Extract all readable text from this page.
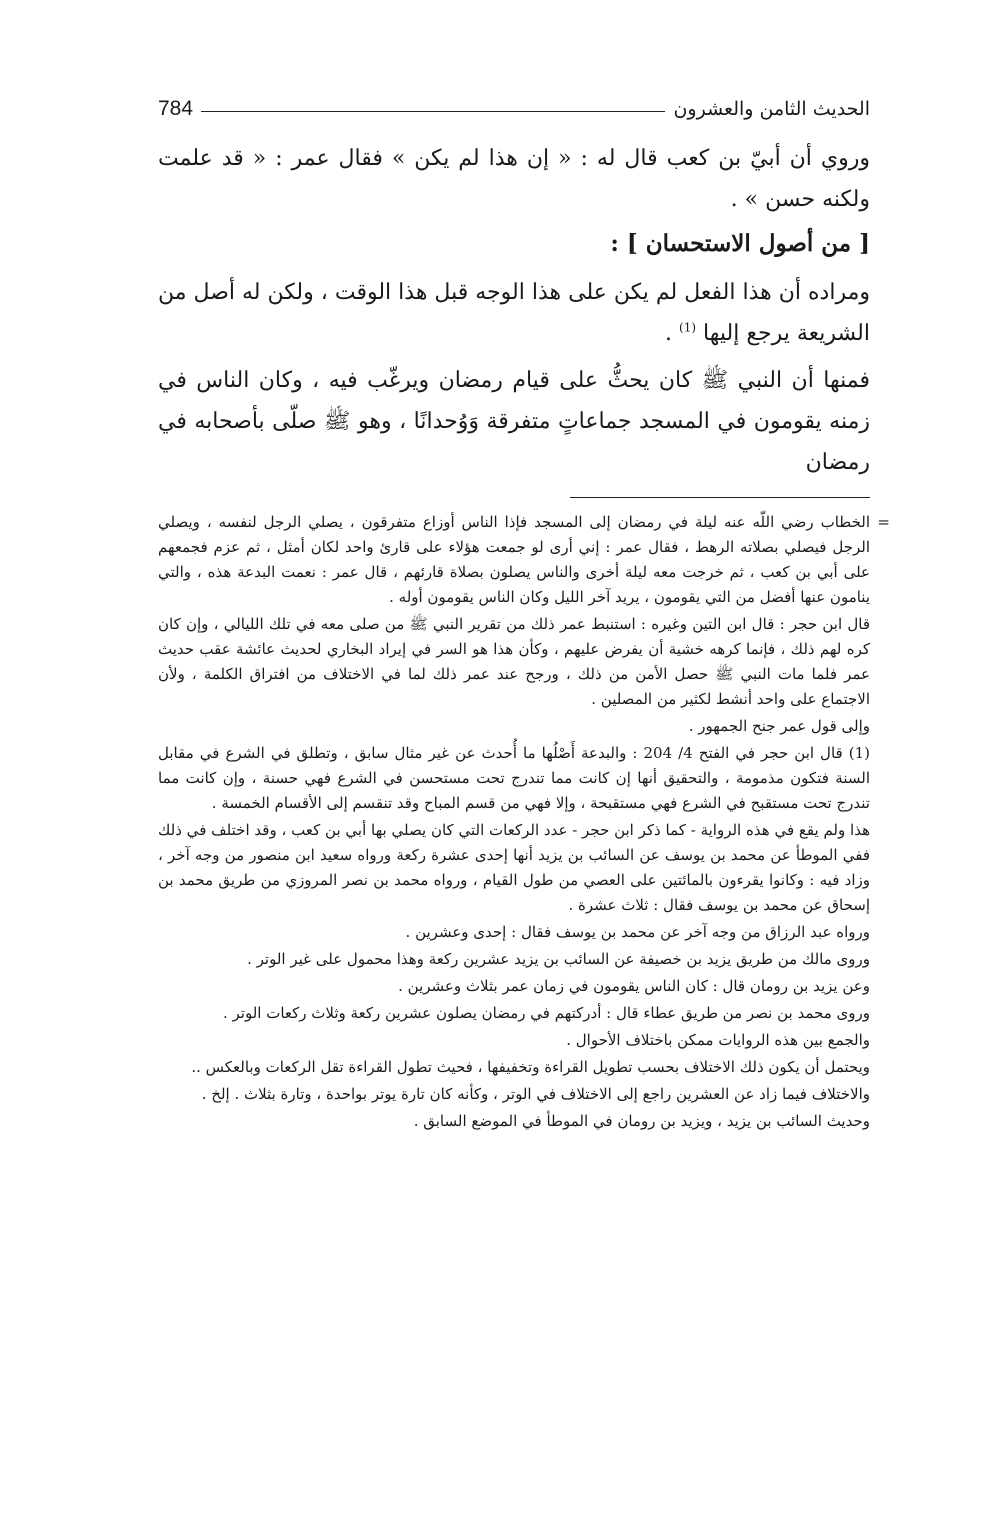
الحديث الثامن والعشرون
784

وروي أن أبيّ بن كعب قال له : « إن هذا لم يكن » فقال عمر : « قد علمت ولكنه حسن » .

[ من أصول الاستحسان ] :

ومراده أن هذا الفعل لم يكن على هذا الوجه قبل هذا الوقت ، ولكن له أصل من الشريعة يرجع إليها $^{(1)}$ .

فمنها أن النبي ﷺ كان يحثُّ على قيام رمضان ويرغّب فيه ، وكان الناس في زمنه يقومون في المسجد جماعاتٍ متفرقة وَوُحدانًا ، وهو ﷺ صلّى بأصحابه في رمضان

=

الخطاب رضي اللّه عنه ليلة في رمضان إلى المسجد فإذا الناس أوزاع متفرقون ، يصلي الرجل لنفسه ، ويصلي الرجل فيصلي بصلاته الرهط ، فقال عمر : إني أرى لو جمعت هؤلاء على قارئ واحد لكان أمثل ، ثم عزم فجمعهم على أبي بن كعب ، ثم خرجت معه ليلة أخرى والناس يصلون بصلاة قارئهم ، قال عمر : نعمت البدعة هذه ، والتي ينامون عنها أفضل من التي يقومون ، يريد آخر الليل وكان الناس يقومون أوله .

قال ابن حجر : قال ابن التين وغيره : استنبط عمر ذلك من تقرير النبي ﷺ من صلى معه في تلك الليالي ، وإن كان كره لهم ذلك ، فإنما كرهه خشية أن يفرض عليهم ، وكأن هذا هو السر في إيراد البخاري لحديث عائشة عقب حديث عمر فلما مات النبي ﷺ حصل الأمن من ذلك ، ورجح عند عمر ذلك لما في الاختلاف من افتراق الكلمة ، ولأن الاجتماع على واحد أنشط لكثير من المصلين .

وإلى قول عمر جنح الجمهور .

(1) قال ابن حجر في الفتح 4/ 204 : والبدعة أَصْلُها ما أُحدث عن غير مثال سابق ، وتطلق في الشرع في مقابل السنة فتكون مذمومة ، والتحقيق أنها إن كانت مما تندرج تحت مستحسن في الشرع فهي حسنة ، وإن كانت مما تندرج تحت مستقبح في الشرع فهي مستقبحة ، وإلا فهي من قسم المباح وقد تنقسم إلى الأقسام الخمسة .

هذا ولم يقع في هذه الرواية - كما ذكر ابن حجر - عدد الركعات التي كان يصلي بها أبي بن كعب ، وقد اختلف في ذلك ففي الموطأ عن محمد بن يوسف عن السائب بن يزيد أنها إحدى عشرة ركعة ورواه سعيد ابن منصور من وجه آخر ، وزاد فيه : وكانوا يقرءون بالمائتين على العصي من طول القيام ، ورواه محمد بن نصر المروزي من طريق محمد بن إسحاق عن محمد بن يوسف فقال : ثلاث عشرة .

ورواه عبد الرزاق من وجه آخر عن محمد بن يوسف فقال : إحدى وعشرين .

وروى مالك من طريق يزيد بن خصيفة عن السائب بن يزيد عشرين ركعة وهذا محمول على غير الوتر .

وعن يزيد بن رومان قال : كان الناس يقومون في زمان عمر بثلاث وعشرين .

وروى محمد بن نصر من طريق عطاء قال : أدركتهم في رمضان يصلون عشرين ركعة وثلاث ركعات الوتر .

والجمع بين هذه الروايات ممكن باختلاف الأحوال .

ويحتمل أن يكون ذلك الاختلاف بحسب تطويل القراءة وتخفيفها ، فحيث تطول القراءة تقل الركعات وبالعكس ..

والاختلاف فيما زاد عن العشرين راجع إلى الاختلاف في الوتر ، وكأنه كان تارة يوتر بواحدة ، وتارة بثلاث . إلخ .

وحديث السائب بن يزيد ، ويزيد بن رومان في الموطأ في الموضع السابق .
